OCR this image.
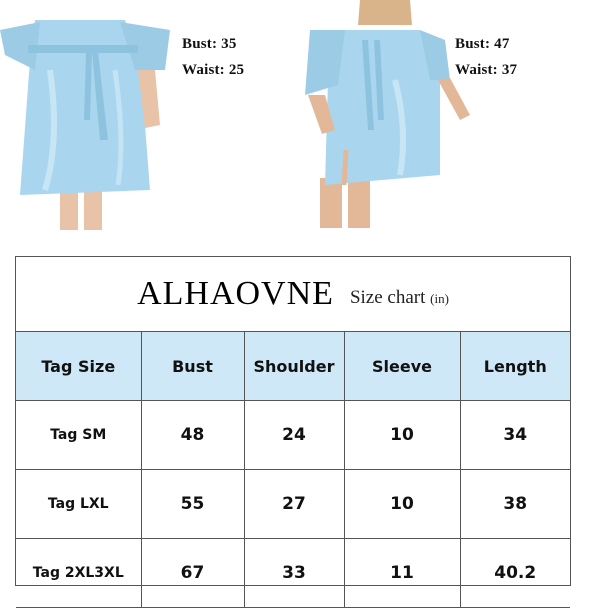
Bust: 35
Waist: 25
Bust: 47
Waist: 37
ALHAOVNE Size chart (in)
Tag Size	Bust	Shoulder	Sleeve	Length
Tag SM	48	24	10	34
Tag LXL	55	27	10	38
Tag 2XL3XL	67	33	11	40.2
